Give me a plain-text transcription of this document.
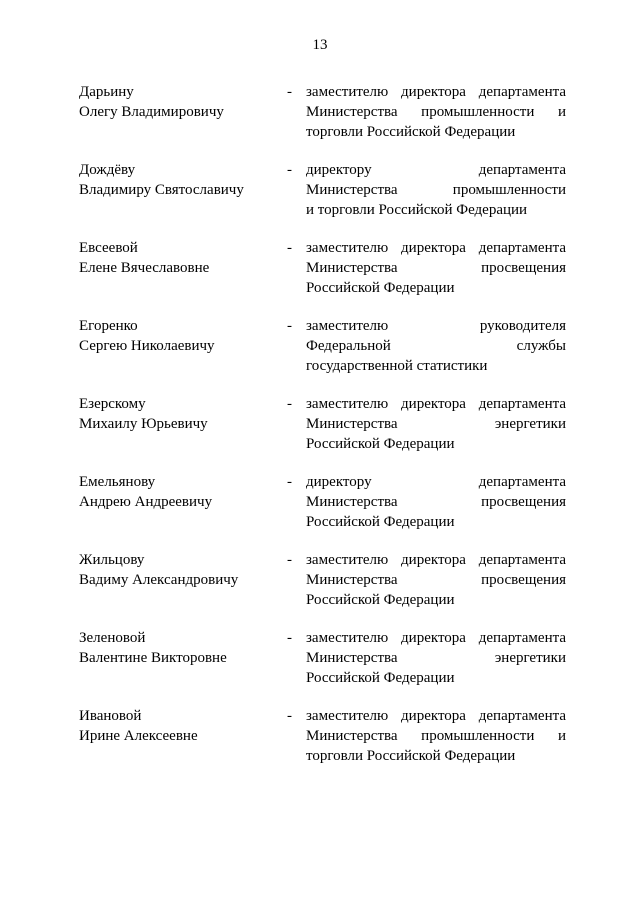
13
Дарьину
Олегу Владимировичу
- заместителю директора департамента
Министерства промышленности и
торговли Российской Федерации
Дождёву
Владимиру Святославичу
- директору департамента
Министерства промышленности
и торговли Российской Федерации
Евсеевой
Елене Вячеславовне
- заместителю директора департамента
Министерства просвещения
Российской Федерации
Егоренко
Сергею Николаевичу
- заместителю руководителя
Федеральной службы
государственной статистики
Езерскому
Михаилу Юрьевичу
- заместителю директора департамента
Министерства энергетики
Российской Федерации
Емельянову
Андрею Андреевичу
- директору департамента
Министерства просвещения
Российской Федерации
Жильцову
Вадиму Александровичу
- заместителю директора департамента
Министерства просвещения
Российской Федерации
Зеленовой
Валентине Викторовне
- заместителю директора департамента
Министерства энергетики
Российской Федерации
Ивановой
Ирине Алексеевне
- заместителю директора департамента
Министерства промышленности и
торговли Российской Федерации
